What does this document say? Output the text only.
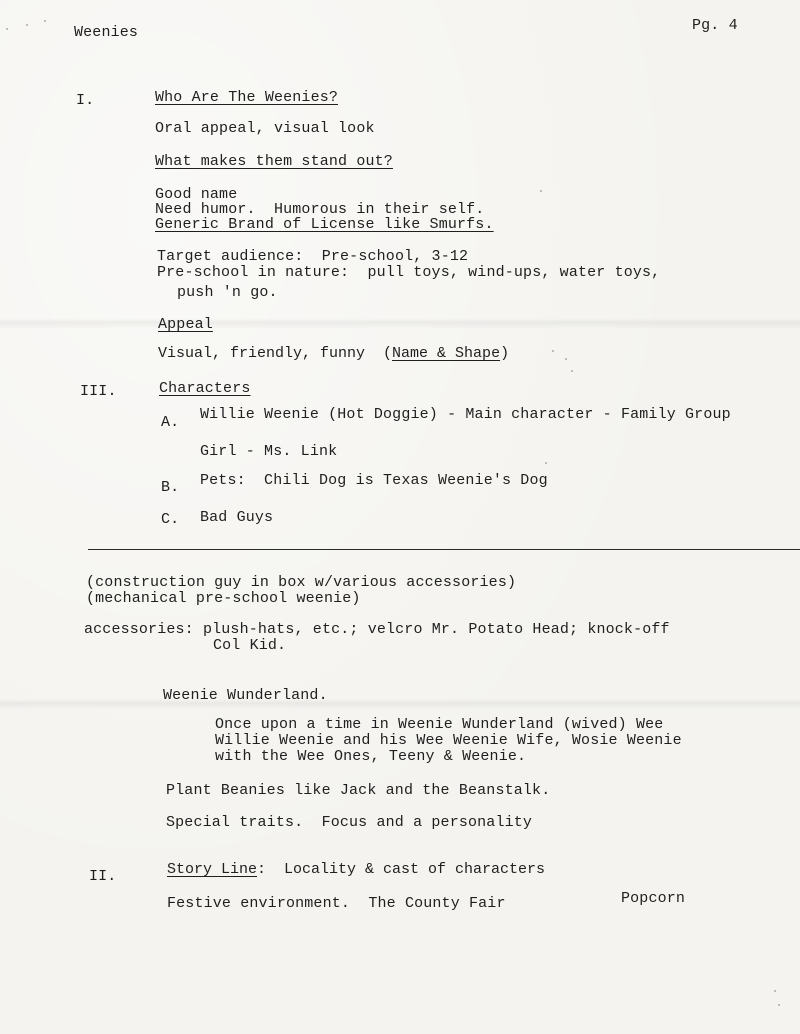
Weenies	Pg. 4
I.	Who Are The Weenies?
Oral appeal, visual look
What makes them stand out?
Good name
Need humor.  Humorous in their self.
Generic Brand of License like Smurfs.
Target audience:  Pre-school, 3-12
Pre-school in nature:  pull toys, wind-ups, water toys,
push 'n go.
Appeal
Visual, friendly, funny  (Name & Shape)
III.	Characters
A. Willie Weenie (Hot Doggie) - Main character - Family Group
Girl - Ms. Link
B. Pets:  Chili Dog is Texas Weenie's Dog
C. Bad Guys
(construction guy in box w/various accessories)
(mechanical pre-school weenie)
accessories: plush-hats, etc.; velcro Mr. Potato Head; knock-off
Col Kid.
Weenie Wunderland.
Once upon a time in Weenie Wunderland (wived) Wee
Willie Weenie and his Wee Weenie Wife, Wosie Weenie
with the Wee Ones, Teeny & Weenie.
Plant Beanies like Jack and the Beanstalk.
Special traits.  Focus and a personality
II.	Story Line:  Locality & cast of characters
Festive environment.  The County Fair	Popcorn
